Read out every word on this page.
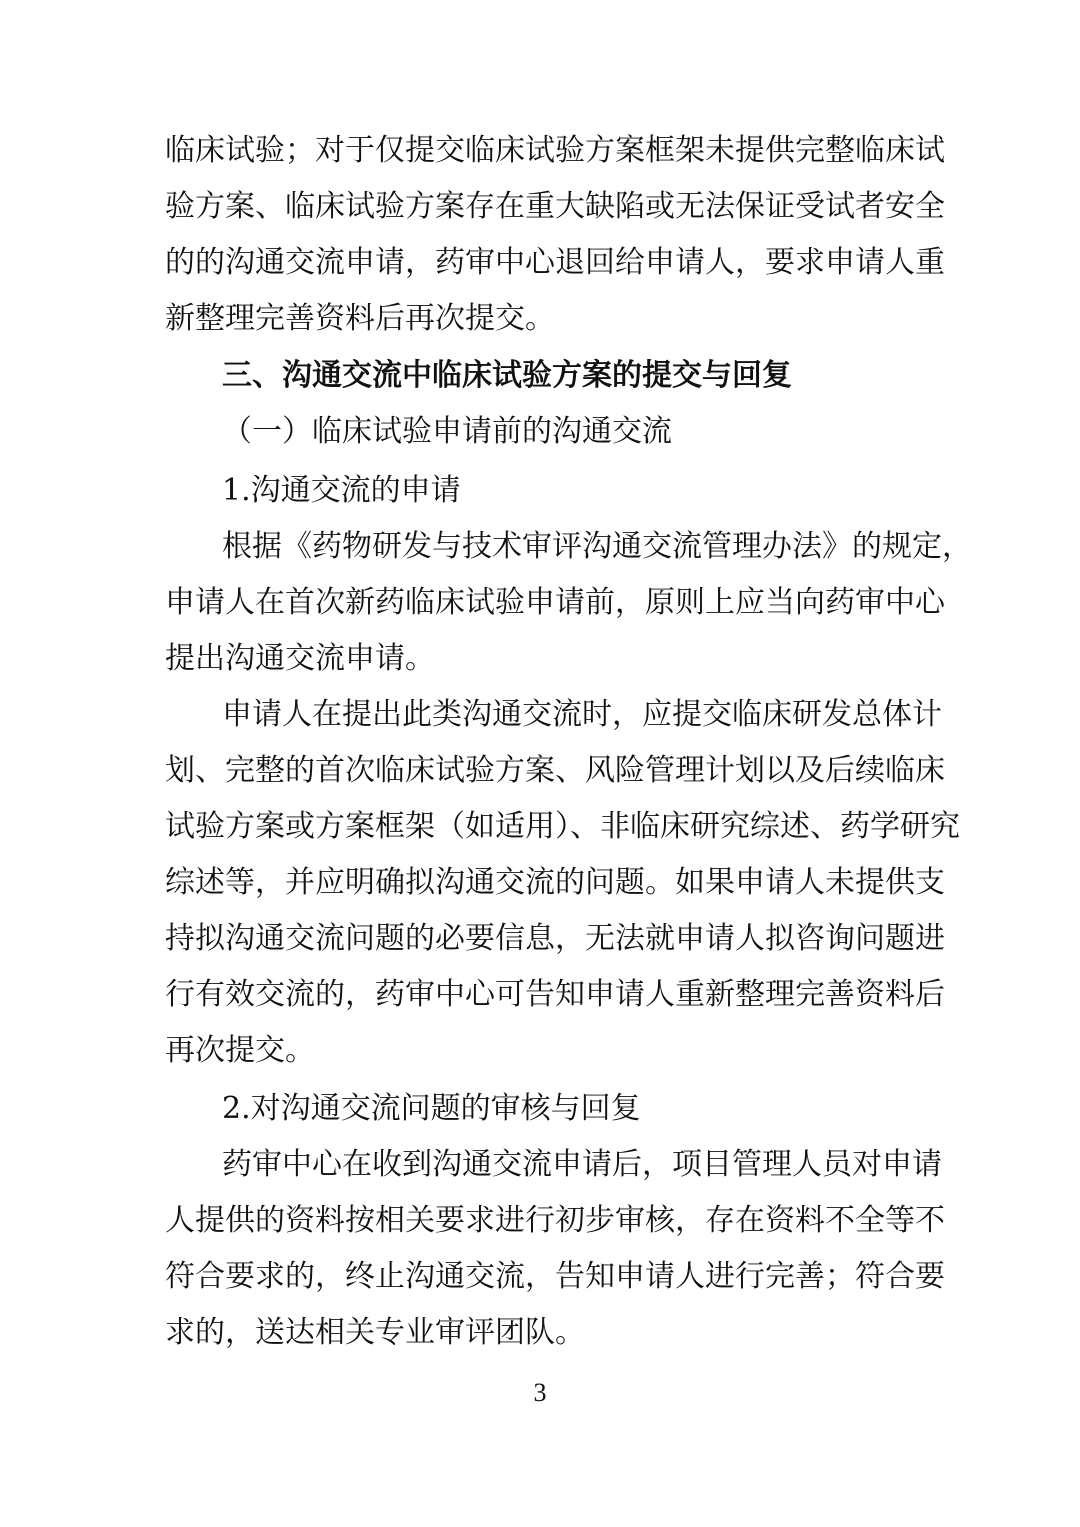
临床试验；对于仅提交临床试验方案框架未提供完整临床试
验方案、临床试验方案存在重大缺陷或无法保证受试者安全
的的沟通交流申请，药审中心退回给申请人，要求申请人重
新整理完善资料后再次提交。
三、沟通交流中临床试验方案的提交与回复
（一）临床试验申请前的沟通交流
1.沟通交流的申请
根据《药物研发与技术审评沟通交流管理办法》的规定，
申请人在首次新药临床试验申请前，原则上应当向药审中心
提出沟通交流申请。
申请人在提出此类沟通交流时，应提交临床研发总体计
划、完整的首次临床试验方案、风险管理计划以及后续临床
试验方案或方案框架（如适用）、非临床研究综述、药学研究
综述等，并应明确拟沟通交流的问题。如果申请人未提供支
持拟沟通交流问题的必要信息，无法就申请人拟咨询问题进
行有效交流的，药审中心可告知申请人重新整理完善资料后
再次提交。
2.对沟通交流问题的审核与回复
药审中心在收到沟通交流申请后，项目管理人员对申请
人提供的资料按相关要求进行初步审核，存在资料不全等不
符合要求的，终止沟通交流，告知申请人进行完善；符合要
求的，送达相关专业审评团队。
3
